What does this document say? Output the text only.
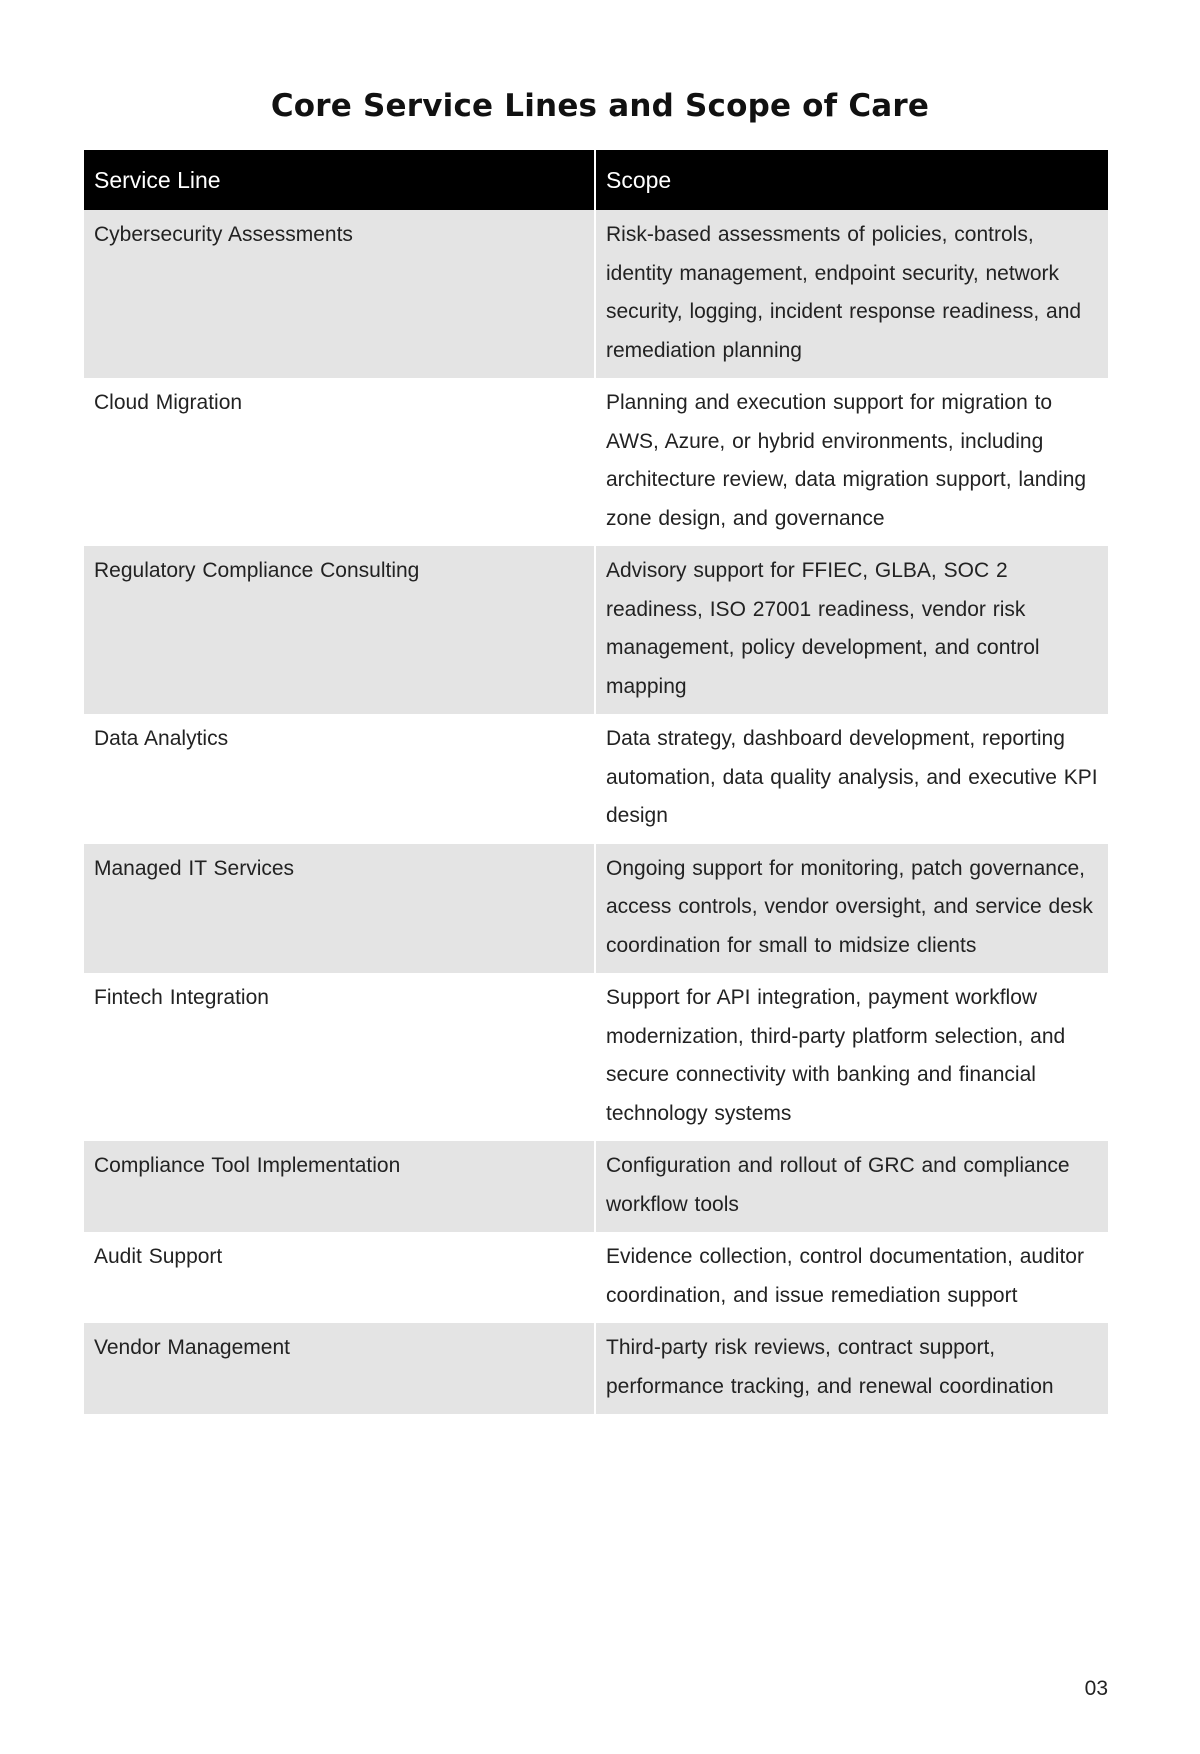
Core Service Lines and Scope of Care
Service Line	Scope
Cybersecurity Assessments	Risk-based assessments of policies, controls, identity management, endpoint security, network security, logging, incident response readiness, and remediation planning
Cloud Migration	Planning and execution support for migration to AWS, Azure, or hybrid environments, including architecture review, data migration support, landing zone design, and governance
Regulatory Compliance Consulting	Advisory support for FFIEC, GLBA, SOC 2 readiness, ISO 27001 readiness, vendor risk management, policy development, and control mapping
Data Analytics	Data strategy, dashboard development, reporting automation, data quality analysis, and executive KPI design
Managed IT Services	Ongoing support for monitoring, patch governance, access controls, vendor oversight, and service desk coordination for small to midsize clients
Fintech Integration	Support for API integration, payment workflow modernization, third-party platform selection, and secure connectivity with banking and financial technology systems
Compliance Tool Implementation	Configuration and rollout of GRC and compliance workflow tools
Audit Support	Evidence collection, control documentation, auditor coordination, and issue remediation support
Vendor Management	Third-party risk reviews, contract support, performance tracking, and renewal coordination
03
